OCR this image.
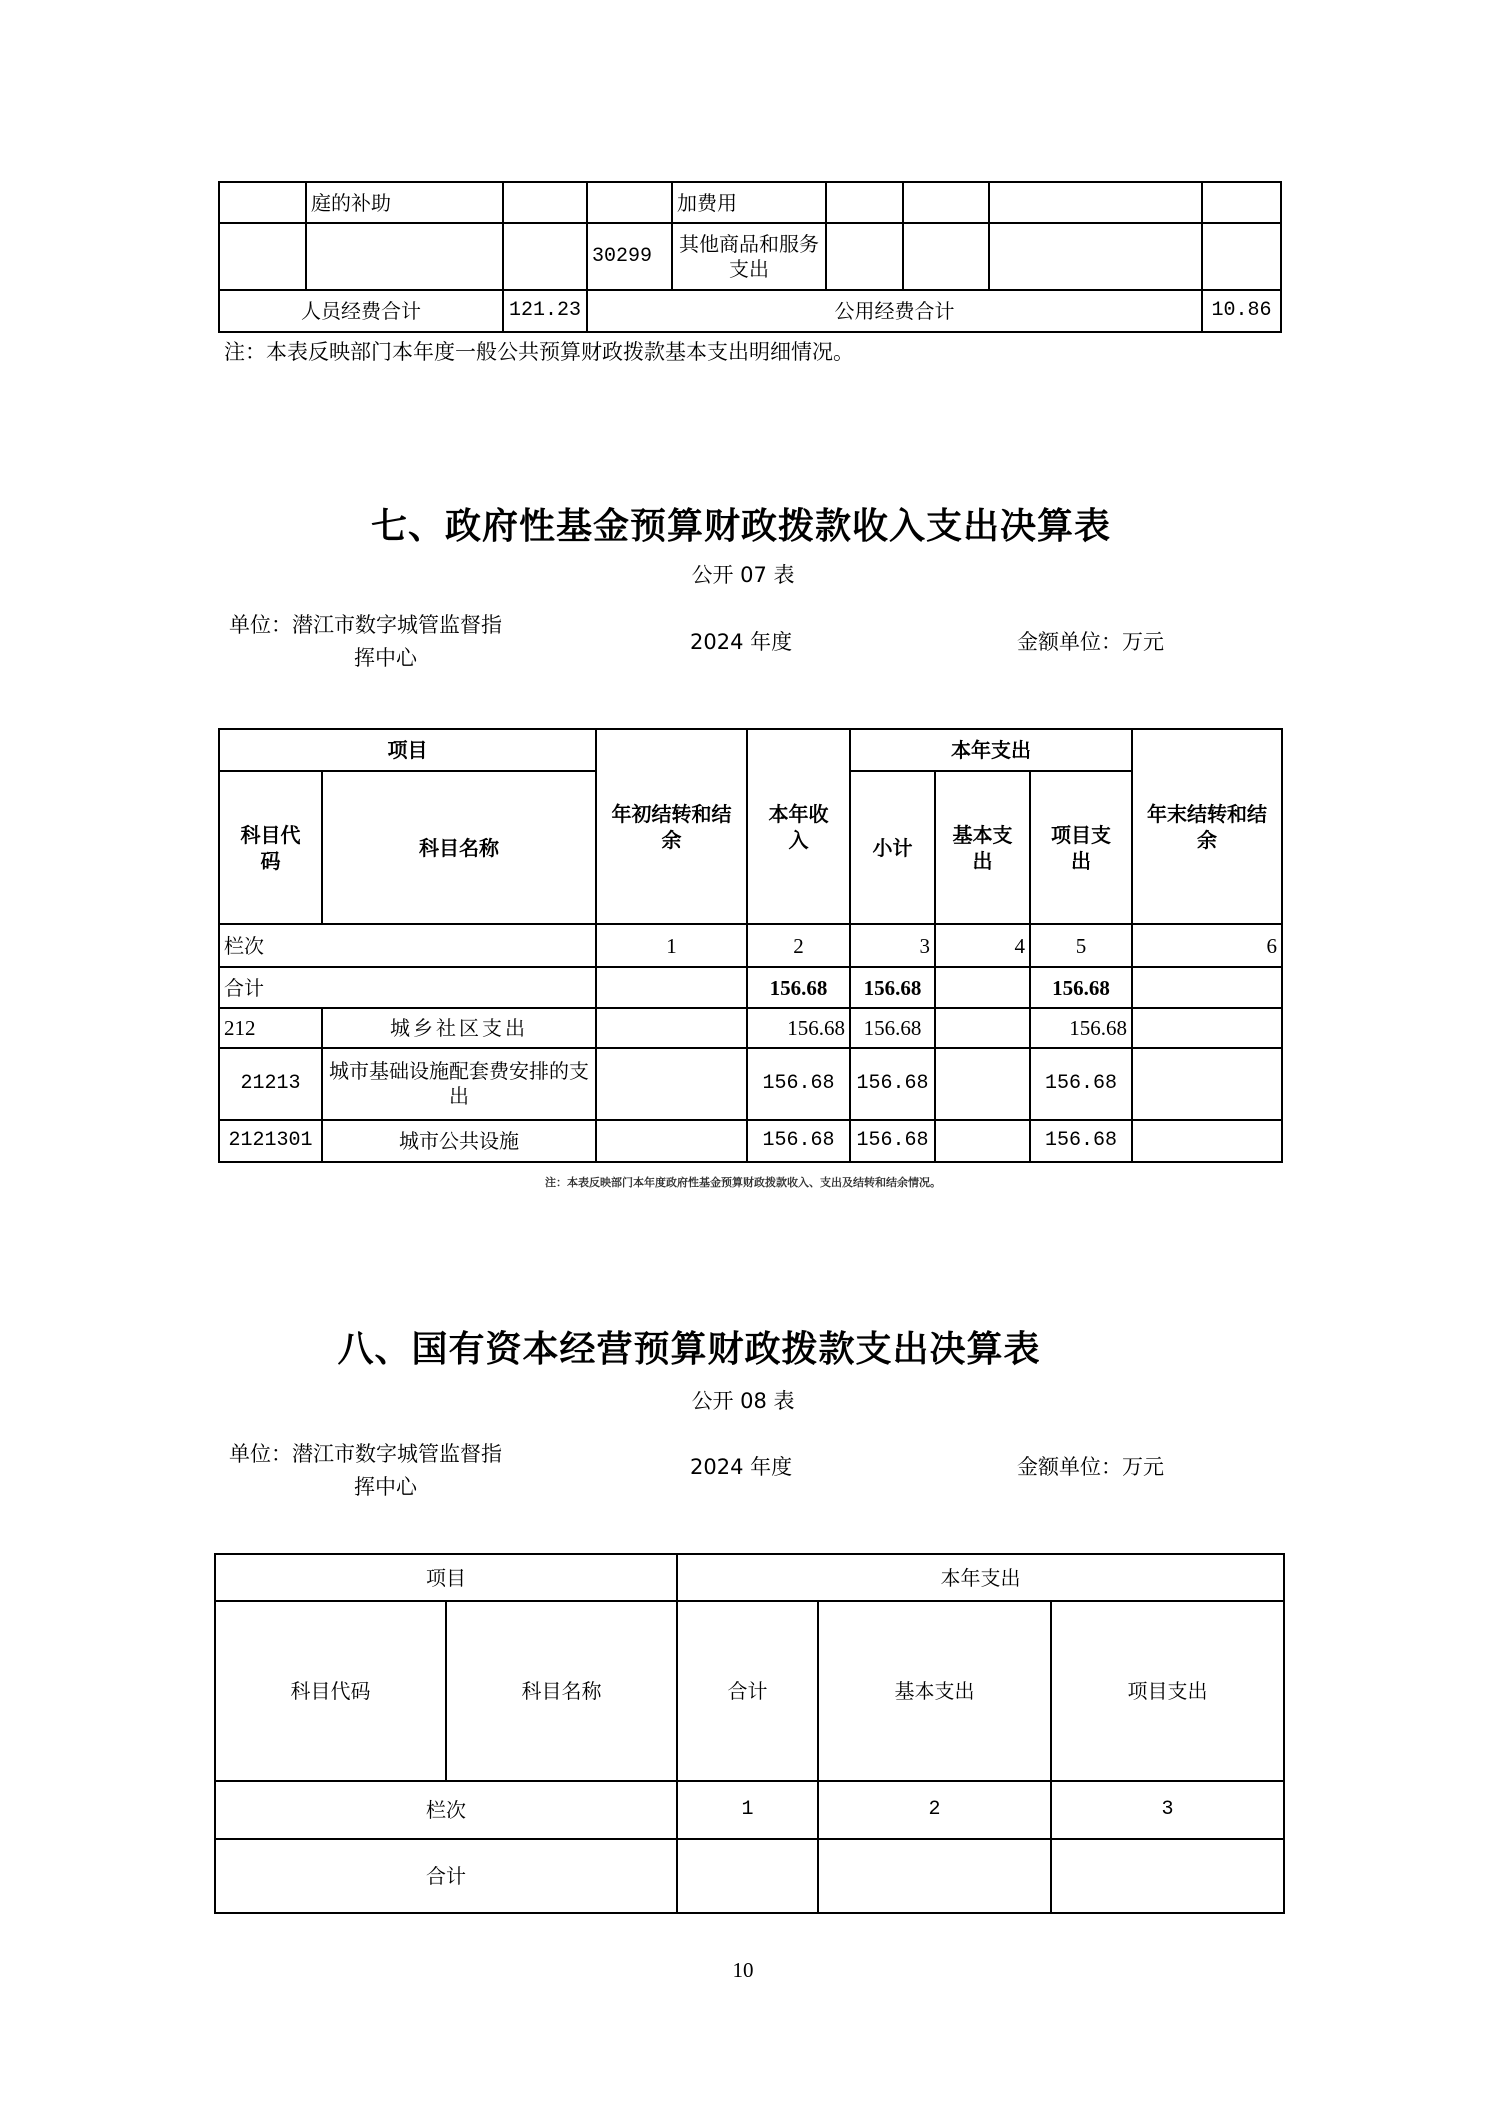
	庭的补助			加费用				
			30299	其他商品和服务支出				
人员经费合计		121.23	公用经费合计					10.86
注：本表反映部门本年度一般公共预算财政拨款基本支出明细情况。
七、政府性基金预算财政拨款收入支出决算表
公开 07 表
单位：潜江市数字城管监督指
挥中心
2024 年度	金额单位：万元
项目		年初结转和结余	本年收入	本年支出			年末结转和结余
科目代码	科目名称			小计	基本支出	项目支出	
栏次		1	2	3	4	5	6
合计			156.68	156.68		156.68	
212	城乡社区支出		156.68	156.68		156.68	
21213	城市基础设施配套费安排的支出		156.68	156.68		156.68	
2121301	城市公共设施		156.68	156.68		156.68	
注：本表反映部门本年度政府性基金预算财政拨款收入、支出及结转和结余情况。
八、国有资本经营预算财政拨款支出决算表
公开 08 表
单位：潜江市数字城管监督指
挥中心
2024 年度	金额单位：万元
项目		本年支出		
科目代码	科目名称	合计	基本支出	项目支出
栏次		1	2	3
合计				
10
